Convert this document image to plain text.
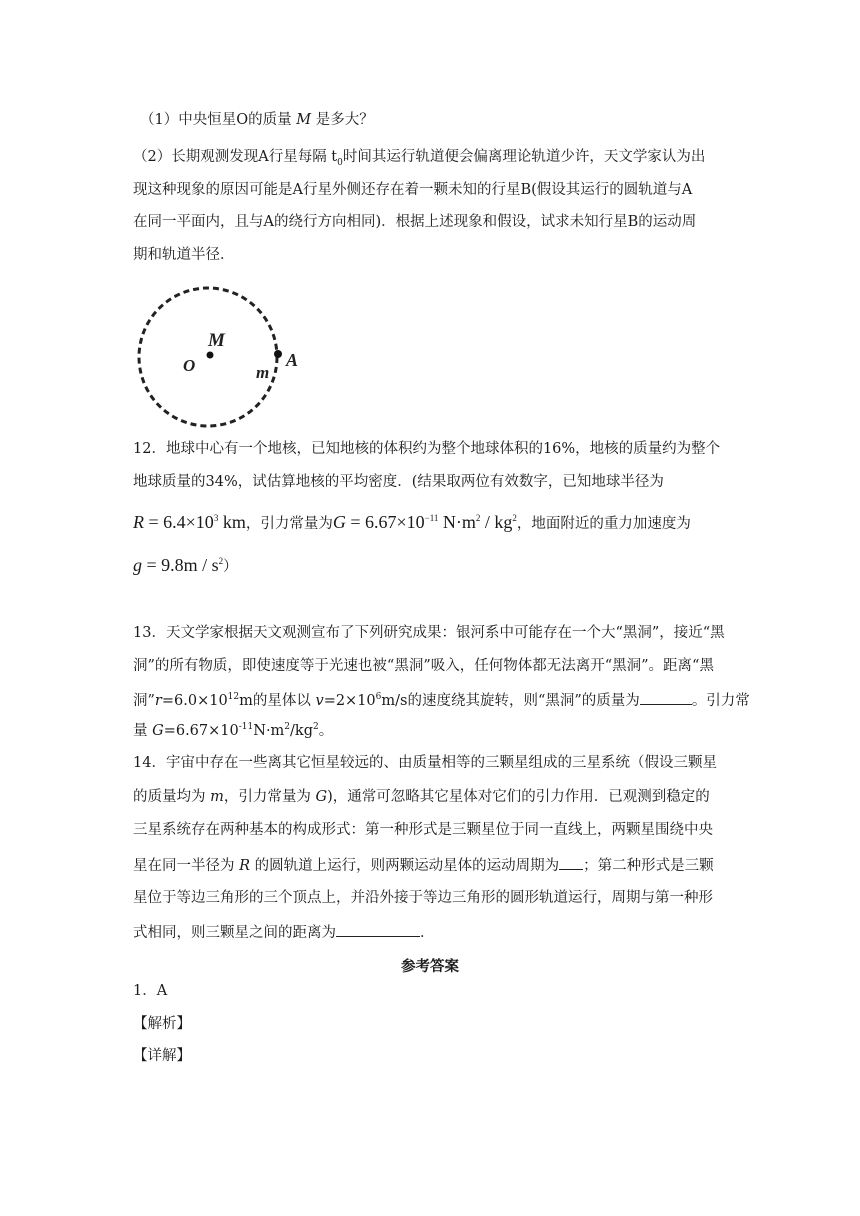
（1）中央恒星O的质量 M 是多大？
（2）长期观测发现A行星每隔 $t_0$时间其运行轨道便会偏离理论轨道少许，天文学家认为出
现这种现象的原因可能是A行星外侧还存在着一颗未知的行星B(假设其运行的圆轨道与A
在同一平面内，且与A的绕行方向相同)．根据上述现象和假设，试求未知行星B的运动周
期和轨道半径．
M
O	m
A
12．地球中心有一个地核，已知地核的体积约为整个地球体积的16%，地核的质量约为整个
地球质量的34%，试估算地核的平均密度．(结果取两位有效数字，已知地球半径为
$R = 6.4\times 10^3$ km，引力常量为$G = 6.67\times 10^{-11}$ $N\cdot m^2 / kg^2$，地面附近的重力加速度为
$g = 9.8m / s^2$）
13．天文学家根据天文观测宣布了下列研究成果：银河系中可能存在一个大“黑洞”，接近“黑
洞”的所有物质，即使速度等于光速也被“黑洞”吸入，任何物体都无法离开“黑洞”。距离“黑
洞$”r=6.0\times 10^{12}m$的星体以 $v=2\times 10^6m/s$的速度绕其旋转，则“黑洞”的质量为	。引力常
量 $G=6.67\times 10^{-11}N\cdot m^2/kg^2$。
14．宇宙中存在一些离其它恒星较远的、由质量相等的三颗星组成的三星系统（假设三颗星
的质量均为 m，引力常量为 G)，通常可忽略其它星体对它们的引力作用．已观测到稳定的
三星系统存在两种基本的构成形式：第一种形式是三颗星位于同一直线上，两颗星围绕中央
星在同一半径为 R 的圆轨道上运行，则两颗运动星体的运动周期为 ；第二种形式是三颗
星位于等边三角形的三个顶点上，并沿外接于等边三角形的圆形轨道运行，周期与第一种形
式相同，则三颗星之间的距离为	．
参考答案
1．A
【解析】
【详解】
